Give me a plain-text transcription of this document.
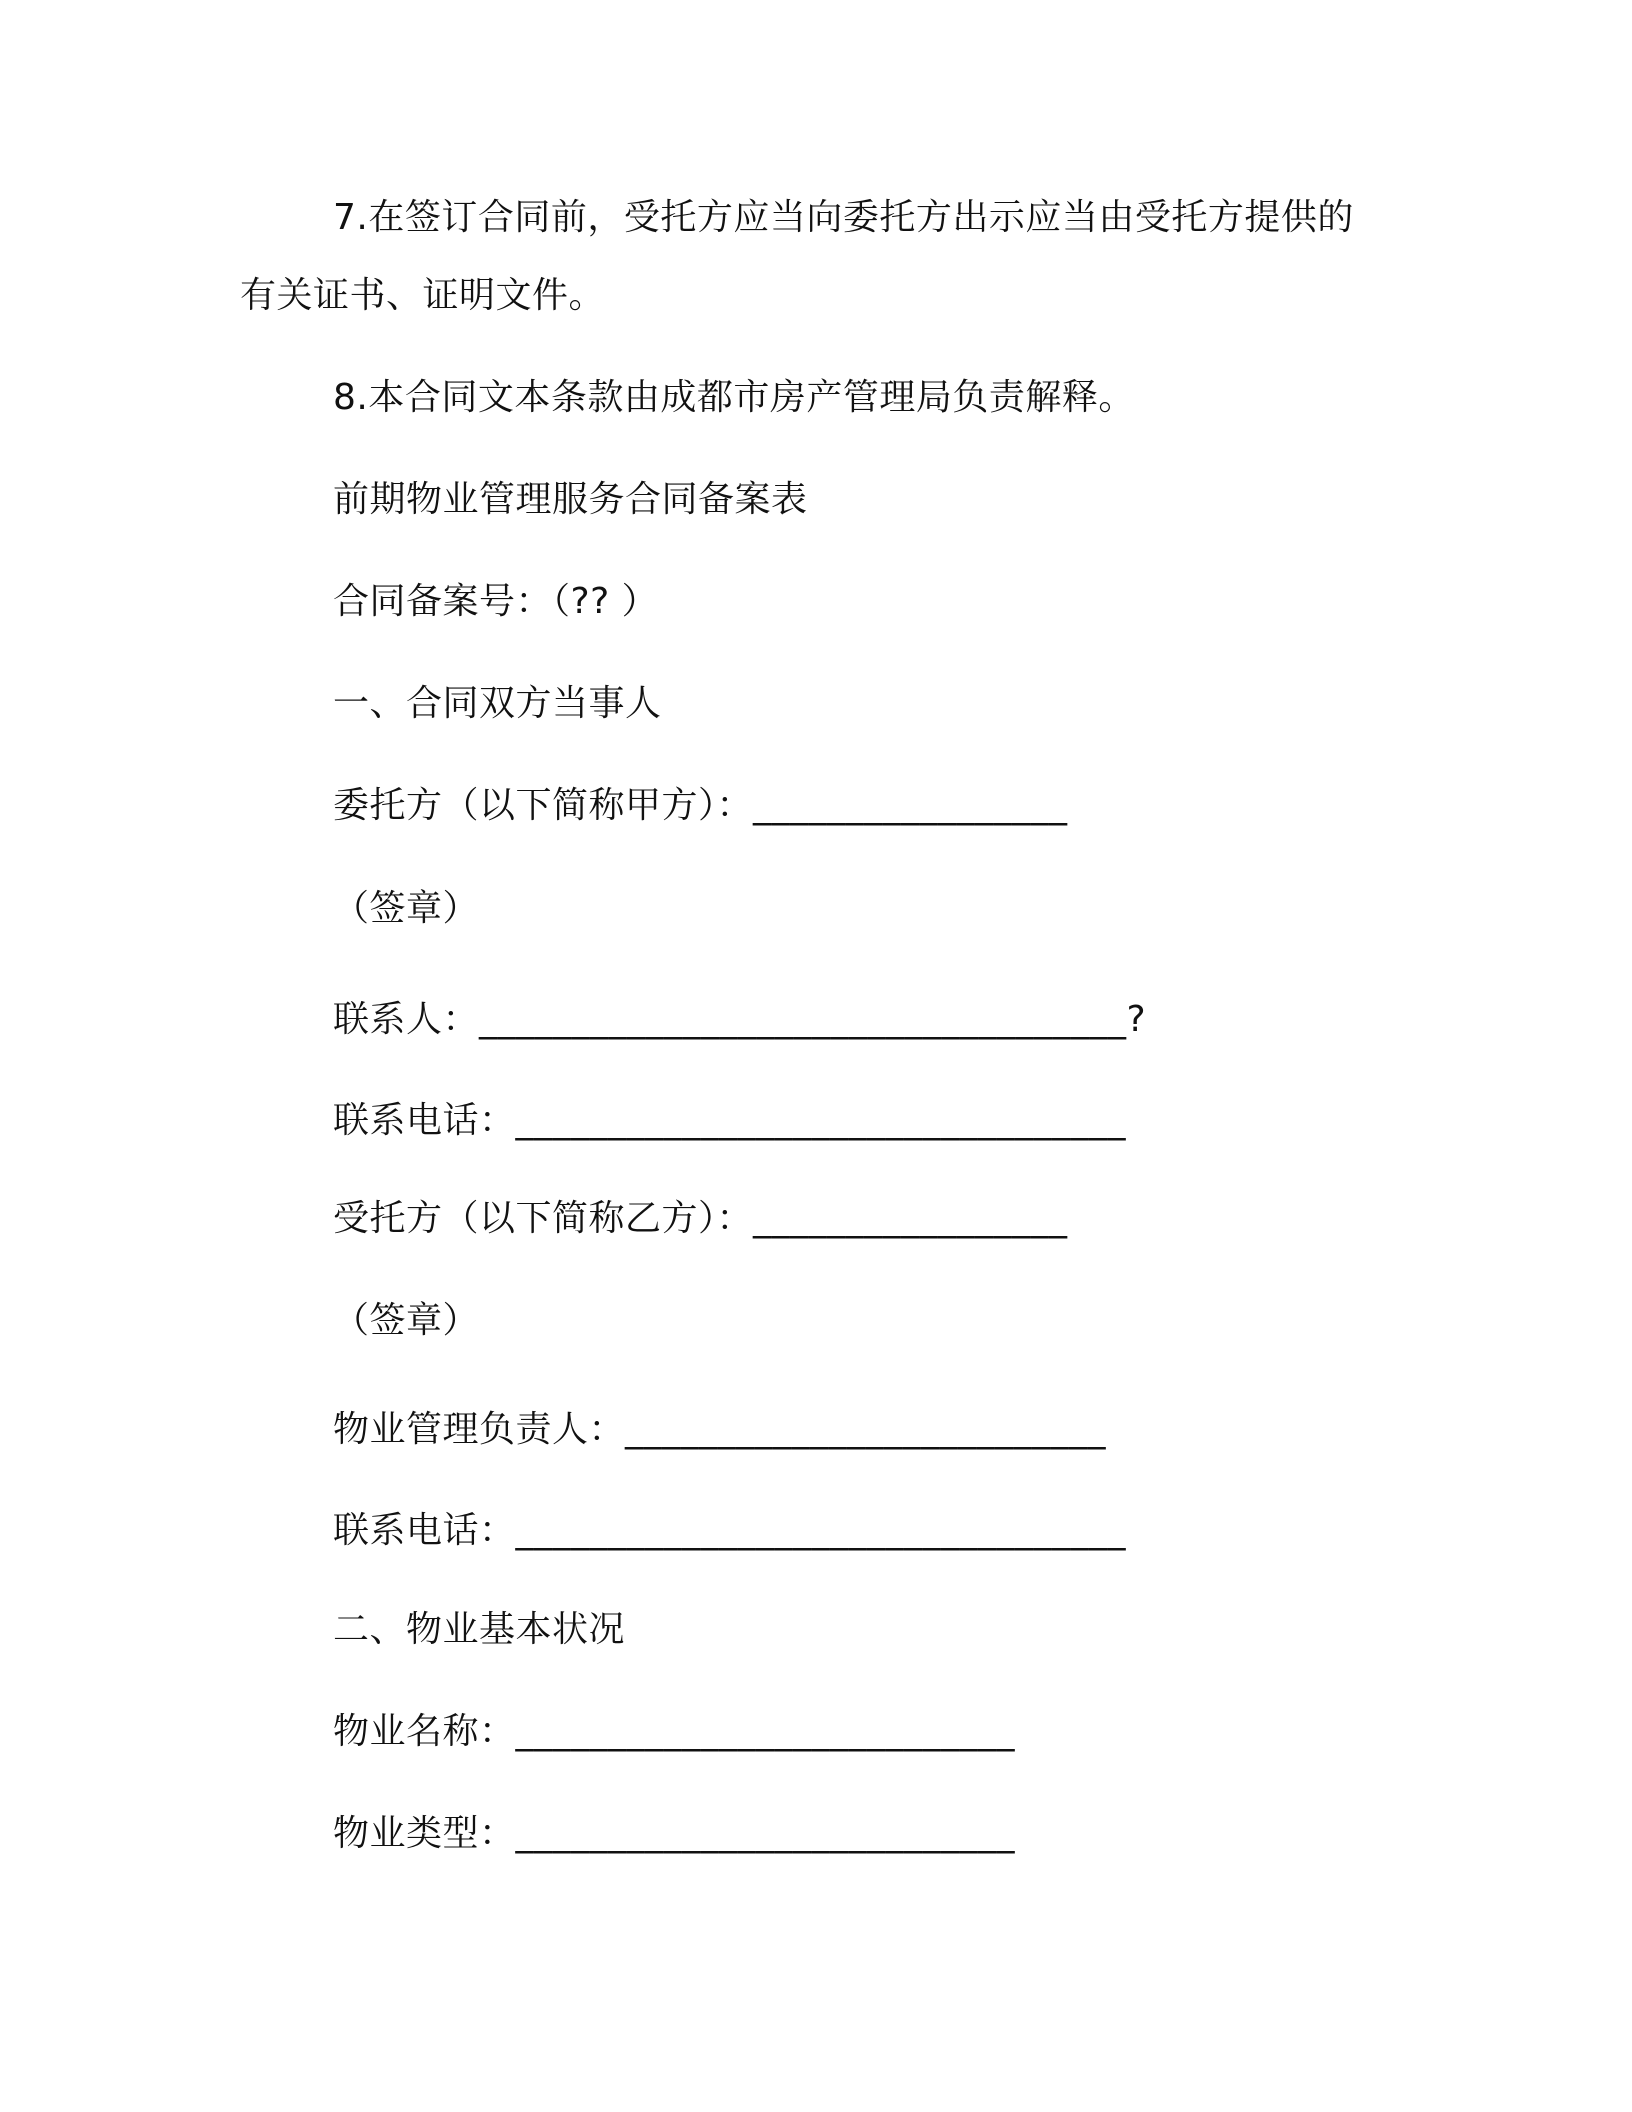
7.在签订合同前，受托方应当向委托方出示应当由受托方提供的
有关证书、证明文件。
8.本合同文本条款由成都市房产管理局负责解释。
前期物业管理服务合同备案表
合同备案号：（?? ）
一、合同双方当事人
委托方（以下简称甲方）：_________________
（签章）
联系人：___________________________________?
联系电话：_________________________________
受托方（以下简称乙方）：_________________
（签章）
物业管理负责人：__________________________
联系电话：_________________________________
二、物业基本状况
物业名称：___________________________
物业类型：___________________________
